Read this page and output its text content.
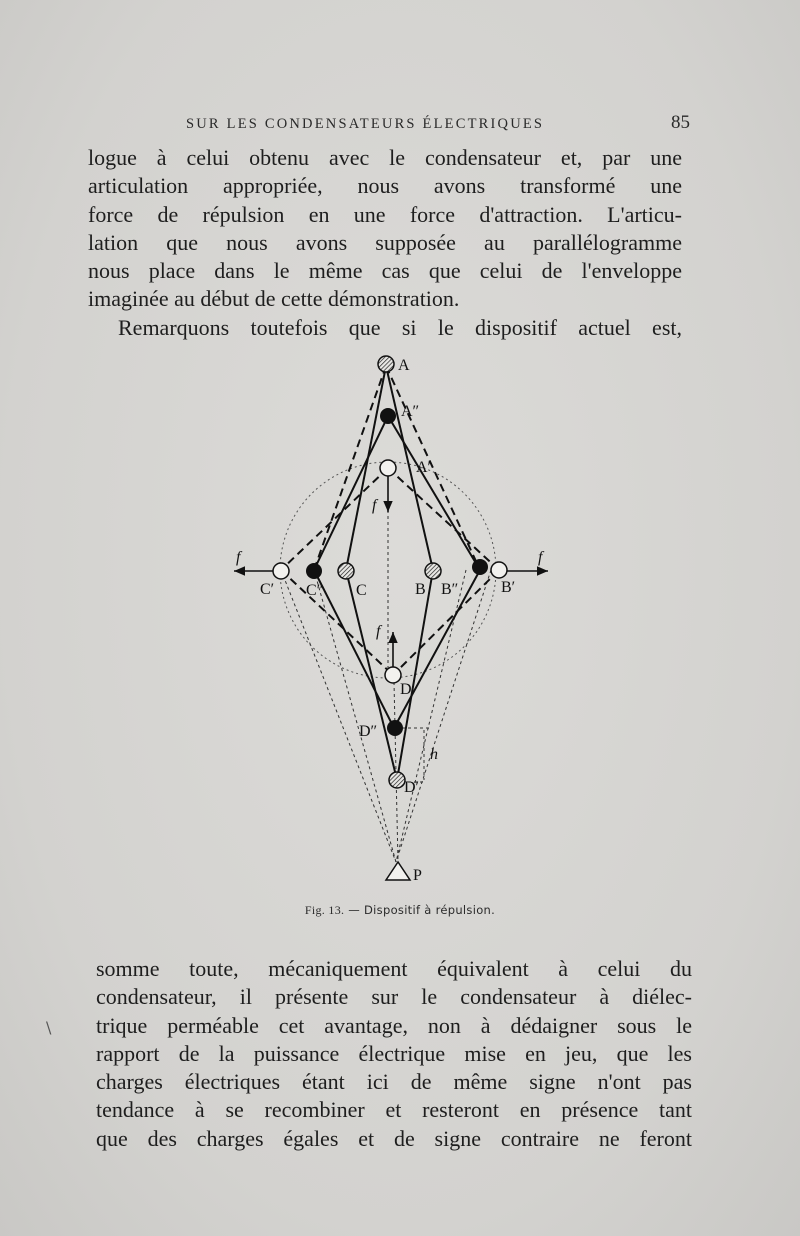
SUR LES CONDENSATEURS ÉLECTRIQUES	85
logue à celui obtenu avec le condensateur et, par une
articulation appropriée, nous avons transformé une
force de répulsion en une force d'attraction. L'articu-
lation que nous avons supposée au parallélogramme
nous place dans le même cas que celui de l'enveloppe
imaginée au début de cette démonstration.
Remarquons toutefois que si le dispositif actuel est,
A
A″
A′
C′ C″ C	B B″	B′
D
D″
D′
P
h
f	f
f
f
Fig. 13. — Dispositif à répulsion.
\
somme toute, mécaniquement équivalent à celui du
condensateur, il présente sur le condensateur à diélec-
trique perméable cet avantage, non à dédaigner sous le
rapport de la puissance électrique mise en jeu, que les
charges électriques étant ici de même signe n'ont pas
tendance à se recombiner et resteront en présence tant
que des charges égales et de signe contraire ne feront
